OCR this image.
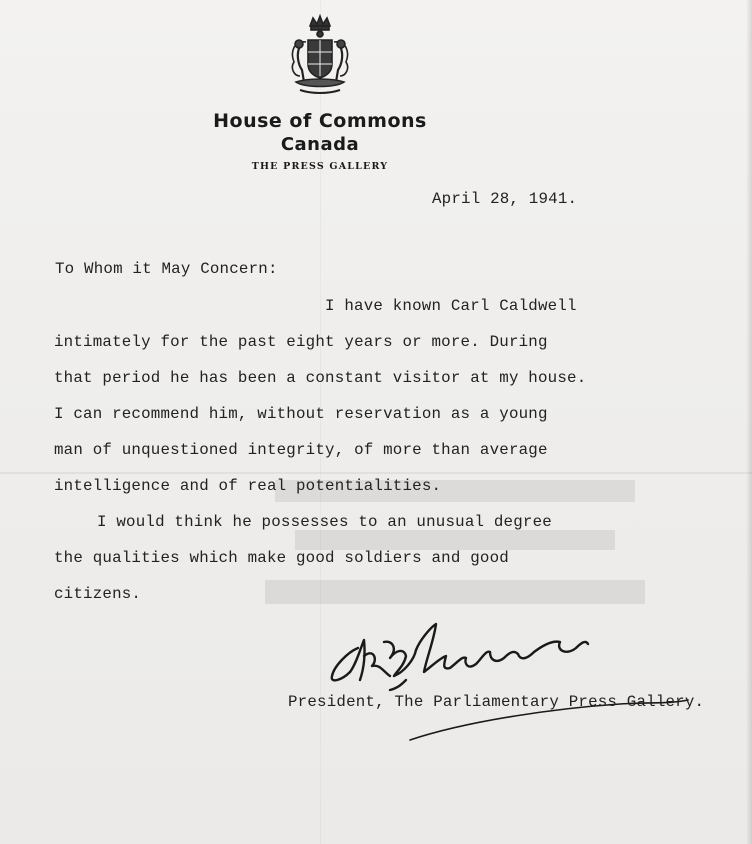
House of Commons
Canada
THE PRESS GALLERY
April 28, 1941.
To Whom it May Concern:
I have known Carl Caldwell
intimately for the past eight years or more. During
that period he has been a constant visitor at my house.
I can recommend him, without reservation as a young
man of unquestioned integrity, of more than average
intelligence and of real potentialities.
I would think he possesses to an unusual degree
the qualities which make good soldiers and good
citizens.
President, The Parliamentary Press Gallery.
